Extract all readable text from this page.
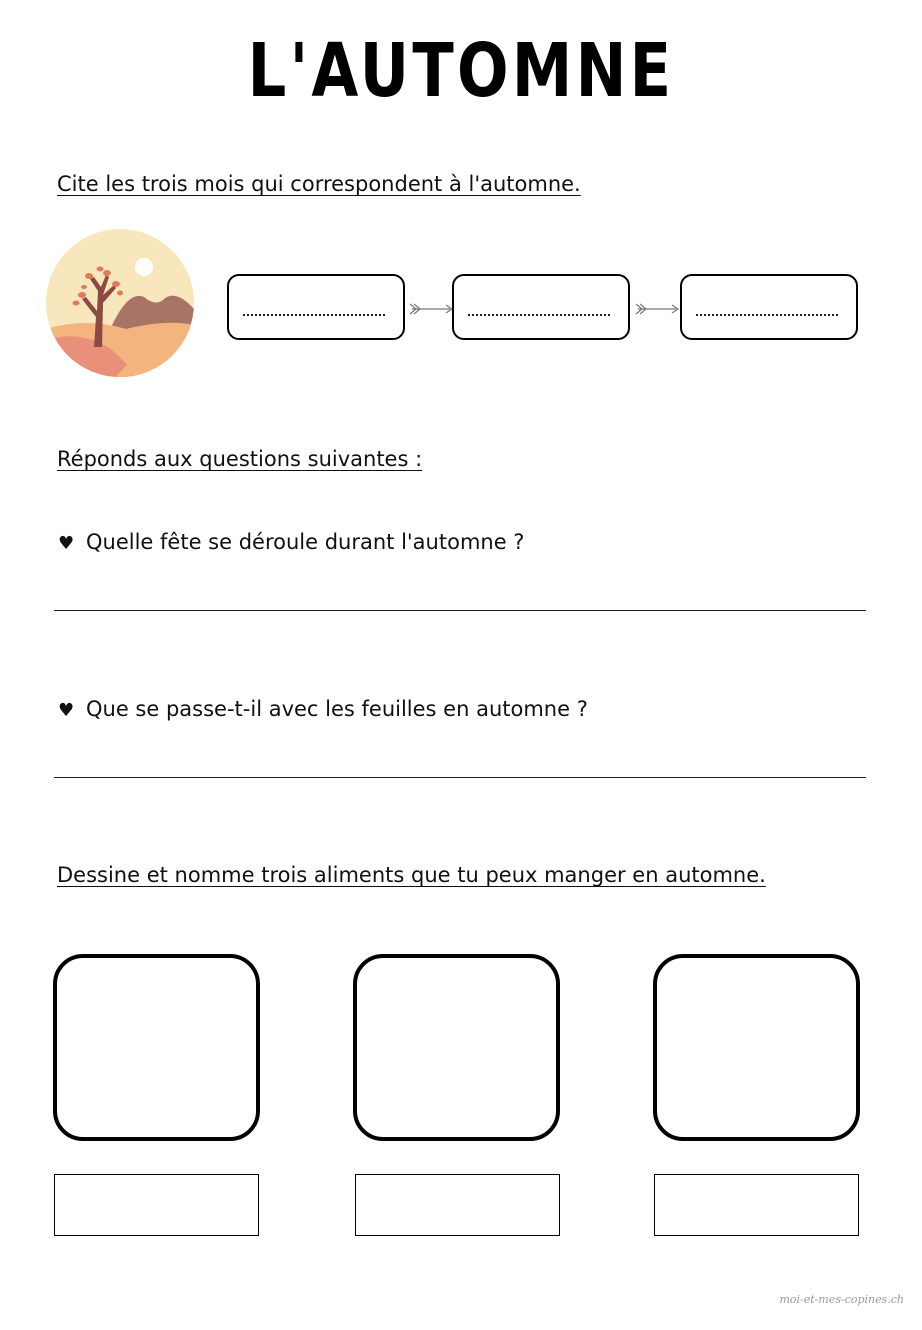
L'AUTOMNE
Cite les trois mois qui correspondent à l'automne.
Réponds aux questions suivantes :
♥ Quelle fête se déroule durant l'automne ?
♥ Que se passe-t-il avec les feuilles en automne ?
Dessine et nomme trois aliments que tu peux manger en automne.
moi-et-mes-copines.ch
